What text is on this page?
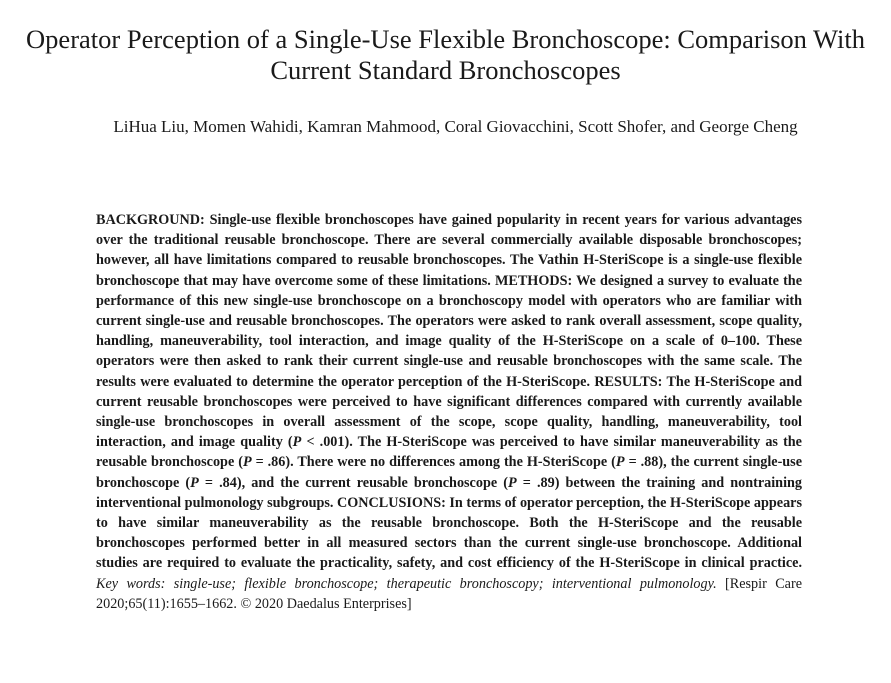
Operator Perception of a Single-Use Flexible Bronchoscope: Comparison With Current Standard Bronchoscopes

LiHua Liu, Momen Wahidi, Kamran Mahmood, Coral Giovacchini, Scott Shofer, and George Cheng

BACKGROUND: Single-use flexible bronchoscopes have gained popularity in recent years for various advantages over the traditional reusable bronchoscope. There are several commercially available disposable bronchoscopes; however, all have limitations compared to reusable bronchoscopes. The Vathin H-SteriScope is a single-use flexible bronchoscope that may have overcome some of these limitations. METHODS: We designed a survey to evaluate the performance of this new single-use bronchoscope on a bronchoscopy model with operators who are familiar with current single-use and reusable bronchoscopes. The operators were asked to rank overall assessment, scope quality, handling, maneuverability, tool interaction, and image quality of the H-SteriScope on a scale of 0–100. These operators were then asked to rank their current single-use and reusable bronchoscopes with the same scale. The results were evaluated to determine the operator perception of the H-SteriScope. RESULTS: The H-SteriScope and current reusable bronchoscopes were perceived to have significant differences compared with currently available single-use bronchoscopes in overall assessment of the scope, scope quality, handling, maneuverability, tool interaction, and image quality (P < .001). The H-SteriScope was perceived to have similar maneuverability as the reusable bronchoscope (P = .86). There were no differences among the H-SteriScope (P = .88), the current single-use bronchoscope (P = .84), and the current reusable bronchoscope (P = .89) between the training and nontraining interventional pulmonology subgroups. CONCLUSIONS: In terms of operator perception, the H-SteriScope appears to have similar maneuverability as the reusable bronchoscope. Both the H-SteriScope and the reusable bronchoscopes performed better in all measured sectors than the current single-use bronchoscope. Additional studies are required to evaluate the practicality, safety, and cost efficiency of the H-SteriScope in clinical practice. Key words: single-use; flexible bronchoscope; therapeutic bronchoscopy; interventional pulmonology. [Respir Care 2020;65(11):1655–1662. © 2020 Daedalus Enterprises]
